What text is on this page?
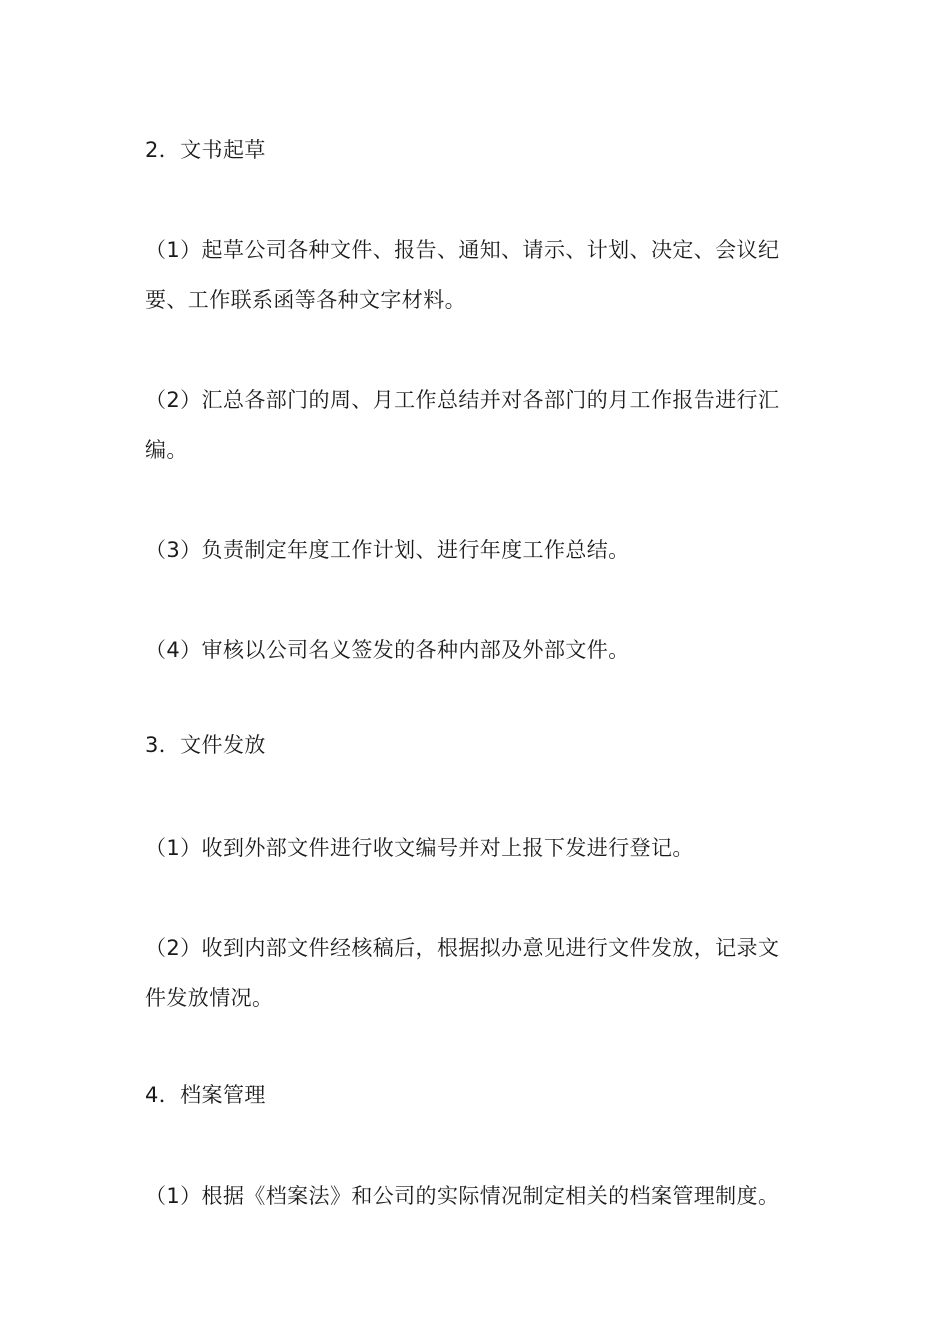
2．文书起草
（1）起草公司各种文件、报告、通知、请示、计划、决定、会议纪
要、工作联系函等各种文字材料。
（2）汇总各部门的周、月工作总结并对各部门的月工作报告进行汇
编。
（3）负责制定年度工作计划、进行年度工作总结。
（4）审核以公司名义签发的各种内部及外部文件。
3．文件发放
（1）收到外部文件进行收文编号并对上报下发进行登记。
（2）收到内部文件经核稿后，根据拟办意见进行文件发放，记录文
件发放情况。
4．档案管理
（1）根据《档案法》和公司的实际情况制定相关的档案管理制度。
